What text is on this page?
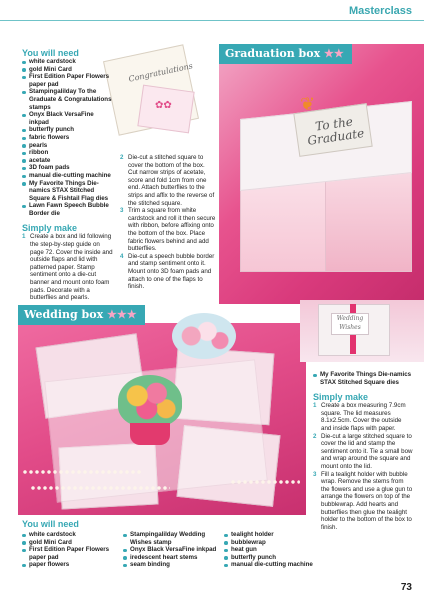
Masterclass
To the Graduate
❦
Congratulations
✿✿
Graduation box ★★
You will need
white cardstock
gold Mini Card
First Edition Paper Flowers paper pad
Stampingalilday To the Graduate & Congratulations stamps
Onyx Black VersaFine inkpad
butterfly punch
fabric flowers
pearls
ribbon
acetate
3D foam pads
manual die-cutting machine
My Favorite Things Die-namics STAX Stitched Square & Fishtail Flag dies
Lawn Fawn Speech Bubble Border die
Simply make
1 Create a box and lid following the step-by-step guide on page 72. Cover the inside and outside flaps and lid with patterned paper. Stamp sentiment onto a die-cut banner and mount onto foam pads. Decorate with a butterflies and pearls.
2 Die-cut a stitched square to cover the bottom of the box. Cut narrow strips of acetate, score and fold 1cm from one end. Attach butterflies to the strips and affix to the reverse of the stitched square.
3 Trim a square from white cardstock and roll it then secure with ribbon, before affixing onto the bottom of the box. Place fabric flowers behind and add butterflies.
4 Die-cut a speech bubble border and stamp sentiment onto it. Mount onto 3D foam pads and attach to one of the flaps to finish.
Wedding box ★★★	Wedding Wishes
My Favorite Things Die-namics STAX Stitched Square dies
Simply make
1 Create a box measuring 7.9cm square. The lid measures 8.1x2.5cm. Cover the outside and inside flaps with paper.
2 Die-cut a large stitched square to cover the lid and stamp the sentiment onto it. Tie a small bow and wrap around the square and mount onto the lid.
3 Fill a tealight holder with bubble wrap. Remove the stems from the flowers and use a glue gun to arrange the flowers on top of the bubblewrap. Add hearts and butterflies then glue the tealight holder to the bottom of the box to finish.
You will need
white cardstock
gold Mini Card
First Edition Paper Flowers paper pad
paper flowers
Stampingalilday Wedding Wishes stamp
Onyx Black VersaFine inkpad
iredescent heart stems
seam binding
tealight holder
bubblewrap
heat gun
butterfly punch
manual die-cutting machine
73
